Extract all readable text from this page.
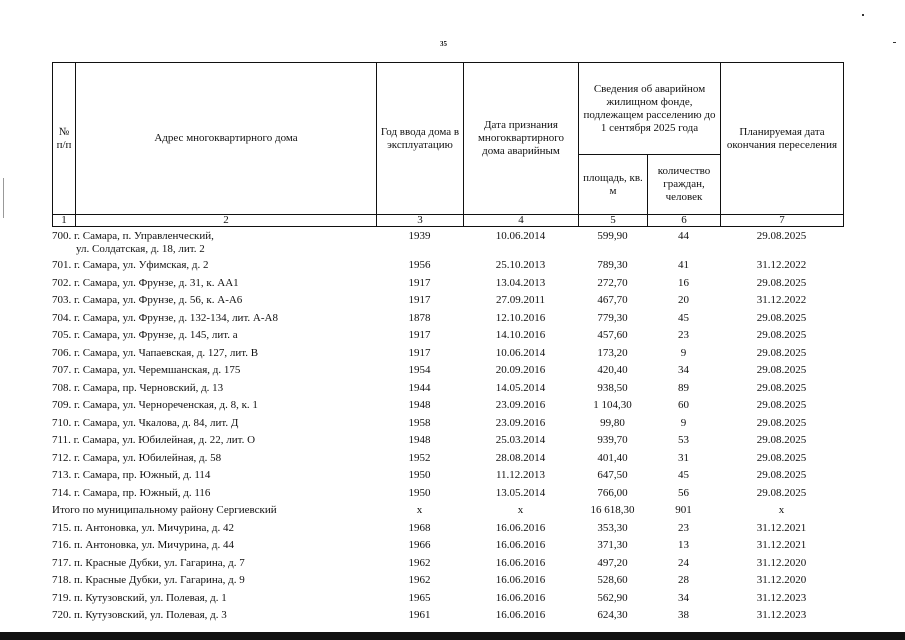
35
№
п/п	Адрес многоквартирного дома	Год ввода дома в эксплуатацию	Дата признания многоквартирного дома аварийным	Сведения об аварийном жилищном фонде, подлежащем расселению до 1 сентября 2025 года		Планируемая дата окончания переселения
				площадь, кв. м	количество граждан, человек	
1	2	3	4	5	6	7
700. г. Самара, п. Управленческий,
ул. Солдатская, д. 18, лит. 2	1939	10.06.2014	599,90	44	29.08.2025

701. г. Самара, ул. Уфимская, д. 2	1956	25.10.2013	789,30	41	31.12.2022

702. г. Самара, ул. Фрунзе, д. 31, к. АА1	1917	13.04.2013	272,70	16	29.08.2025

703. г. Самара, ул. Фрунзе, д. 56, к. А-А6	1917	27.09.2011	467,70	20	31.12.2022

704. г. Самара, ул. Фрунзе, д. 132-134, лит. А-А8	1878	12.10.2016	779,30	45	29.08.2025

705. г. Самара, ул. Фрунзе, д. 145, лит. а	1917	14.10.2016	457,60	23	29.08.2025

706. г. Самара, ул. Чапаевская, д. 127, лит. В	1917	10.06.2014	173,20	9	29.08.2025

707. г. Самара, ул. Черемшанская, д. 175	1954	20.09.2016	420,40	34	29.08.2025

708. г. Самара, пр. Черновский, д. 13	1944	14.05.2014	938,50	89	29.08.2025

709. г. Самара, ул. Чернореченская, д. 8, к. 1	1948	23.09.2016	1 104,30	60	29.08.2025

710. г. Самара, ул. Чкалова, д. 84, лит. Д	1958	23.09.2016	99,80	9	29.08.2025

711. г. Самара, ул. Юбилейная, д. 22, лит. О	1948	25.03.2014	939,70	53	29.08.2025

712. г. Самара, ул. Юбилейная, д. 58	1952	28.08.2014	401,40	31	29.08.2025

713. г. Самара, пр. Южный, д. 114	1950	11.12.2013	647,50	45	29.08.2025

714. г. Самара, пр. Южный, д. 116	1950	13.05.2014	766,00	56	29.08.2025

Итого по муниципальному району Сергиевский	х	х	16 618,30	901	х

715. п. Антоновка, ул. Мичурина, д. 42	1968	16.06.2016	353,30	23	31.12.2021

716. п. Антоновка, ул. Мичурина, д. 44	1966	16.06.2016	371,30	13	31.12.2021

717. п. Красные Дубки, ул. Гагарина, д. 7	1962	16.06.2016	497,20	24	31.12.2020

718. п. Красные Дубки, ул. Гагарина, д. 9	1962	16.06.2016	528,60	28	31.12.2020

719. п. Кутузовский, ул. Полевая, д. 1	1965	16.06.2016	562,90	34	31.12.2023

720. п. Кутузовский, ул. Полевая, д. 3	1961	16.06.2016	624,30	38	31.12.2023
